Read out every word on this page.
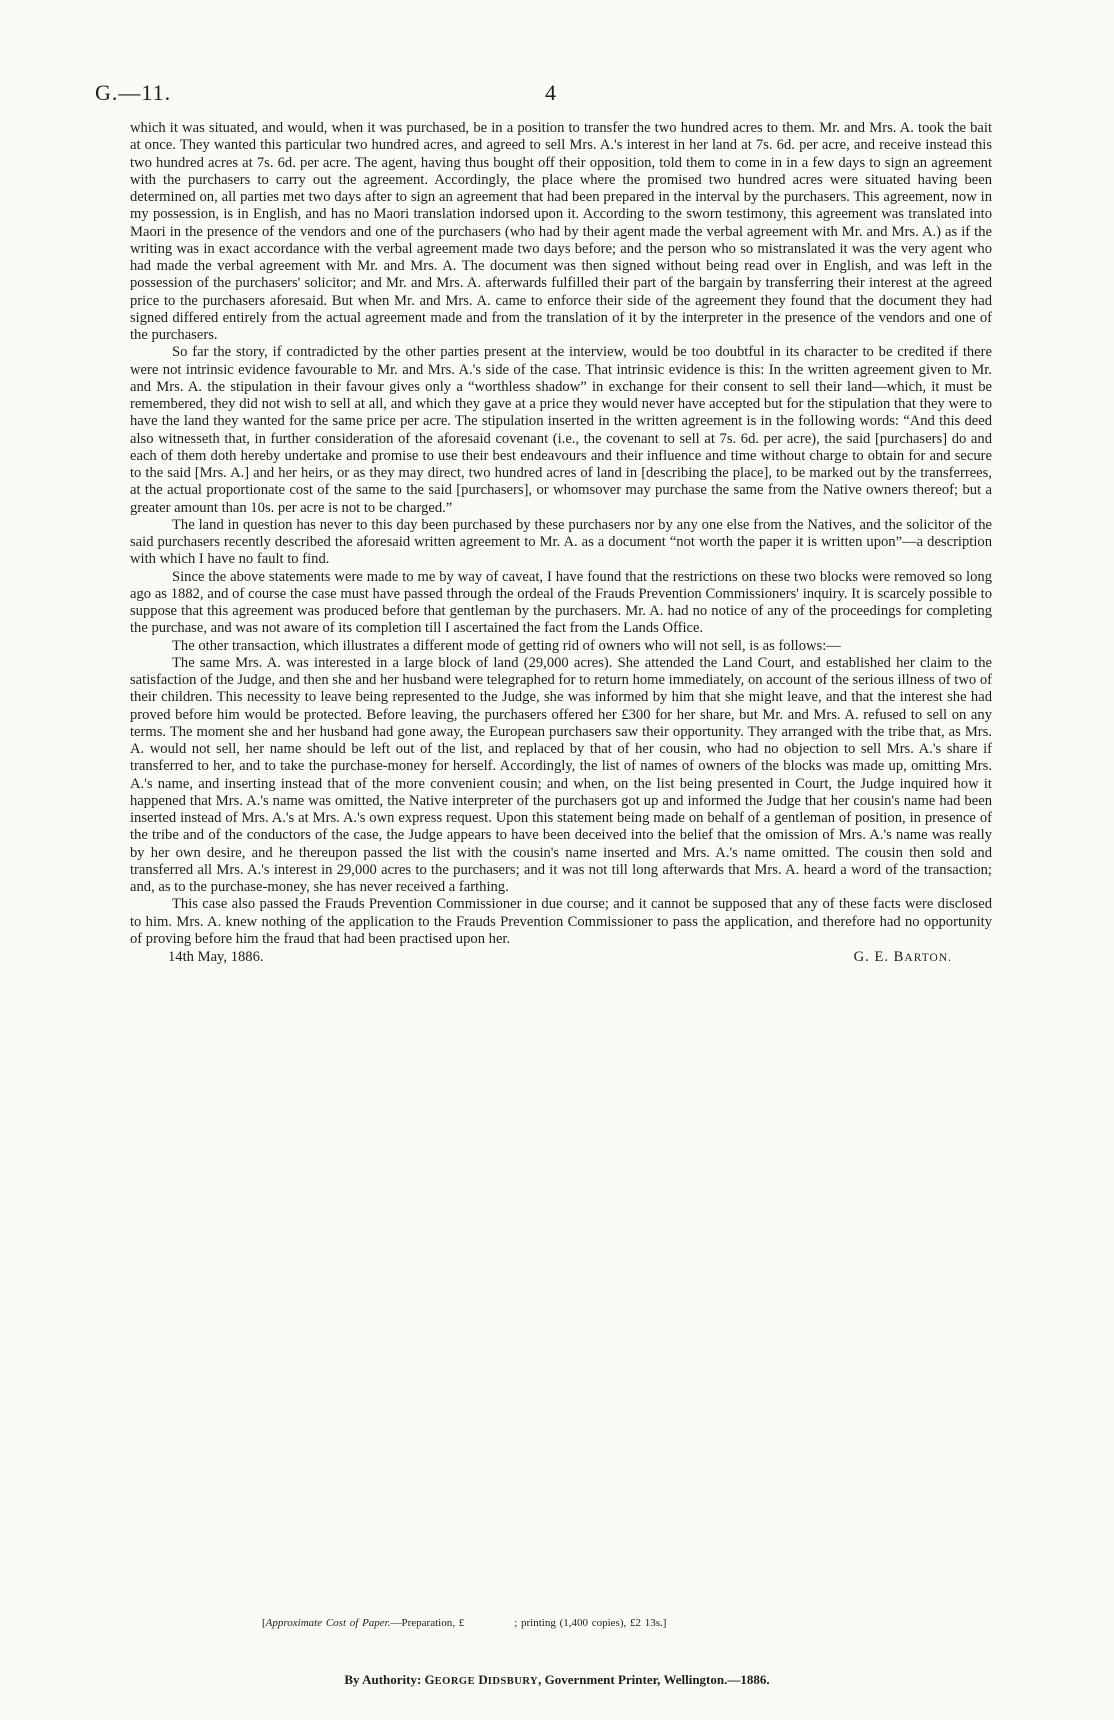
G.—11.	4

which it was situated, and would, when it was purchased, be in a position to transfer the two hundred acres to them. Mr. and Mrs. A. took the bait at once. They wanted this particular two hundred acres, and agreed to sell Mrs. A.'s interest in her land at 7s. 6d. per acre, and receive instead this two hundred acres at 7s. 6d. per acre. The agent, having thus bought off their opposition, told them to come in in a few days to sign an agreement with the purchasers to carry out the agreement. Accordingly, the place where the promised two hundred acres were situated having been determined on, all parties met two days after to sign an agreement that had been prepared in the interval by the purchasers. This agreement, now in my possession, is in English, and has no Maori translation indorsed upon it. According to the sworn testimony, this agreement was translated into Maori in the presence of the vendors and one of the purchasers (who had by their agent made the verbal agreement with Mr. and Mrs. A.) as if the writing was in exact accordance with the verbal agreement made two days before; and the person who so mistranslated it was the very agent who had made the verbal agreement with Mr. and Mrs. A. The document was then signed without being read over in English, and was left in the possession of the purchasers' solicitor; and Mr. and Mrs. A. afterwards fulfilled their part of the bargain by transferring their interest at the agreed price to the purchasers aforesaid. But when Mr. and Mrs. A. came to enforce their side of the agreement they found that the document they had signed differed entirely from the actual agreement made and from the translation of it by the interpreter in the presence of the vendors and one of the purchasers.

So far the story, if contradicted by the other parties present at the interview, would be too doubtful in its character to be credited if there were not intrinsic evidence favourable to Mr. and Mrs. A.'s side of the case. That intrinsic evidence is this: In the written agreement given to Mr. and Mrs. A. the stipulation in their favour gives only a “worthless shadow” in exchange for their consent to sell their land—which, it must be remembered, they did not wish to sell at all, and which they gave at a price they would never have accepted but for the stipulation that they were to have the land they wanted for the same price per acre. The stipulation inserted in the written agreement is in the following words: “And this deed also witnesseth that, in further consideration of the aforesaid covenant (i.e., the covenant to sell at 7s. 6d. per acre), the said [purchasers] do and each of them doth hereby undertake and promise to use their best endeavours and their influence and time without charge to obtain for and secure to the said [Mrs. A.] and her heirs, or as they may direct, two hundred acres of land in [describing the place], to be marked out by the transferrees, at the actual proportionate cost of the same to the said [purchasers], or whomsover may purchase the same from the Native owners thereof; but a greater amount than 10s. per acre is not to be charged.”

The land in question has never to this day been purchased by these purchasers nor by any one else from the Natives, and the solicitor of the said purchasers recently described the aforesaid written agreement to Mr. A. as a document “not worth the paper it is written upon”—a description with which I have no fault to find.

Since the above statements were made to me by way of caveat, I have found that the restrictions on these two blocks were removed so long ago as 1882, and of course the case must have passed through the ordeal of the Frauds Prevention Commissioners' inquiry. It is scarcely possible to suppose that this agreement was produced before that gentleman by the purchasers. Mr. A. had no notice of any of the proceedings for completing the purchase, and was not aware of its completion till I ascertained the fact from the Lands Office.

The other transaction, which illustrates a different mode of getting rid of owners who will not sell, is as follows:—

The same Mrs. A. was interested in a large block of land (29,000 acres). She attended the Land Court, and established her claim to the satisfaction of the Judge, and then she and her husband were telegraphed for to return home immediately, on account of the serious illness of two of their children. This necessity to leave being represented to the Judge, she was informed by him that she might leave, and that the interest she had proved before him would be protected. Before leaving, the purchasers offered her £300 for her share, but Mr. and Mrs. A. refused to sell on any terms. The moment she and her husband had gone away, the European purchasers saw their opportunity. They arranged with the tribe that, as Mrs. A. would not sell, her name should be left out of the list, and replaced by that of her cousin, who had no objection to sell Mrs. A.'s share if transferred to her, and to take the purchase-money for herself. Accordingly, the list of names of owners of the blocks was made up, omitting Mrs. A.'s name, and inserting instead that of the more convenient cousin; and when, on the list being presented in Court, the Judge inquired how it happened that Mrs. A.'s name was omitted, the Native interpreter of the purchasers got up and informed the Judge that her cousin's name had been inserted instead of Mrs. A.'s at Mrs. A.'s own express request. Upon this statement being made on behalf of a gentleman of position, in presence of the tribe and of the conductors of the case, the Judge appears to have been deceived into the belief that the omission of Mrs. A.'s name was really by her own desire, and he thereupon passed the list with the cousin's name inserted and Mrs. A.'s name omitted. The cousin then sold and transferred all Mrs. A.'s interest in 29,000 acres to the purchasers; and it was not till long afterwards that Mrs. A. heard a word of the transaction; and, as to the purchase-money, she has never received a farthing.

This case also passed the Frauds Prevention Commissioner in due course; and it cannot be supposed that any of these facts were disclosed to him. Mrs. A. knew nothing of the application to the Frauds Prevention Commissioner to pass the application, and therefore had no opportunity of proving before him the fraud that had been practised upon her.

14th May, 1886.	G. E. BARTON.
[Approximate Cost of Paper.—Preparation, £	; printing (1,400 copies), £2 13s.]
By Authority: GEORGE DIDSBURY, Government Printer, Wellington.—1886.
